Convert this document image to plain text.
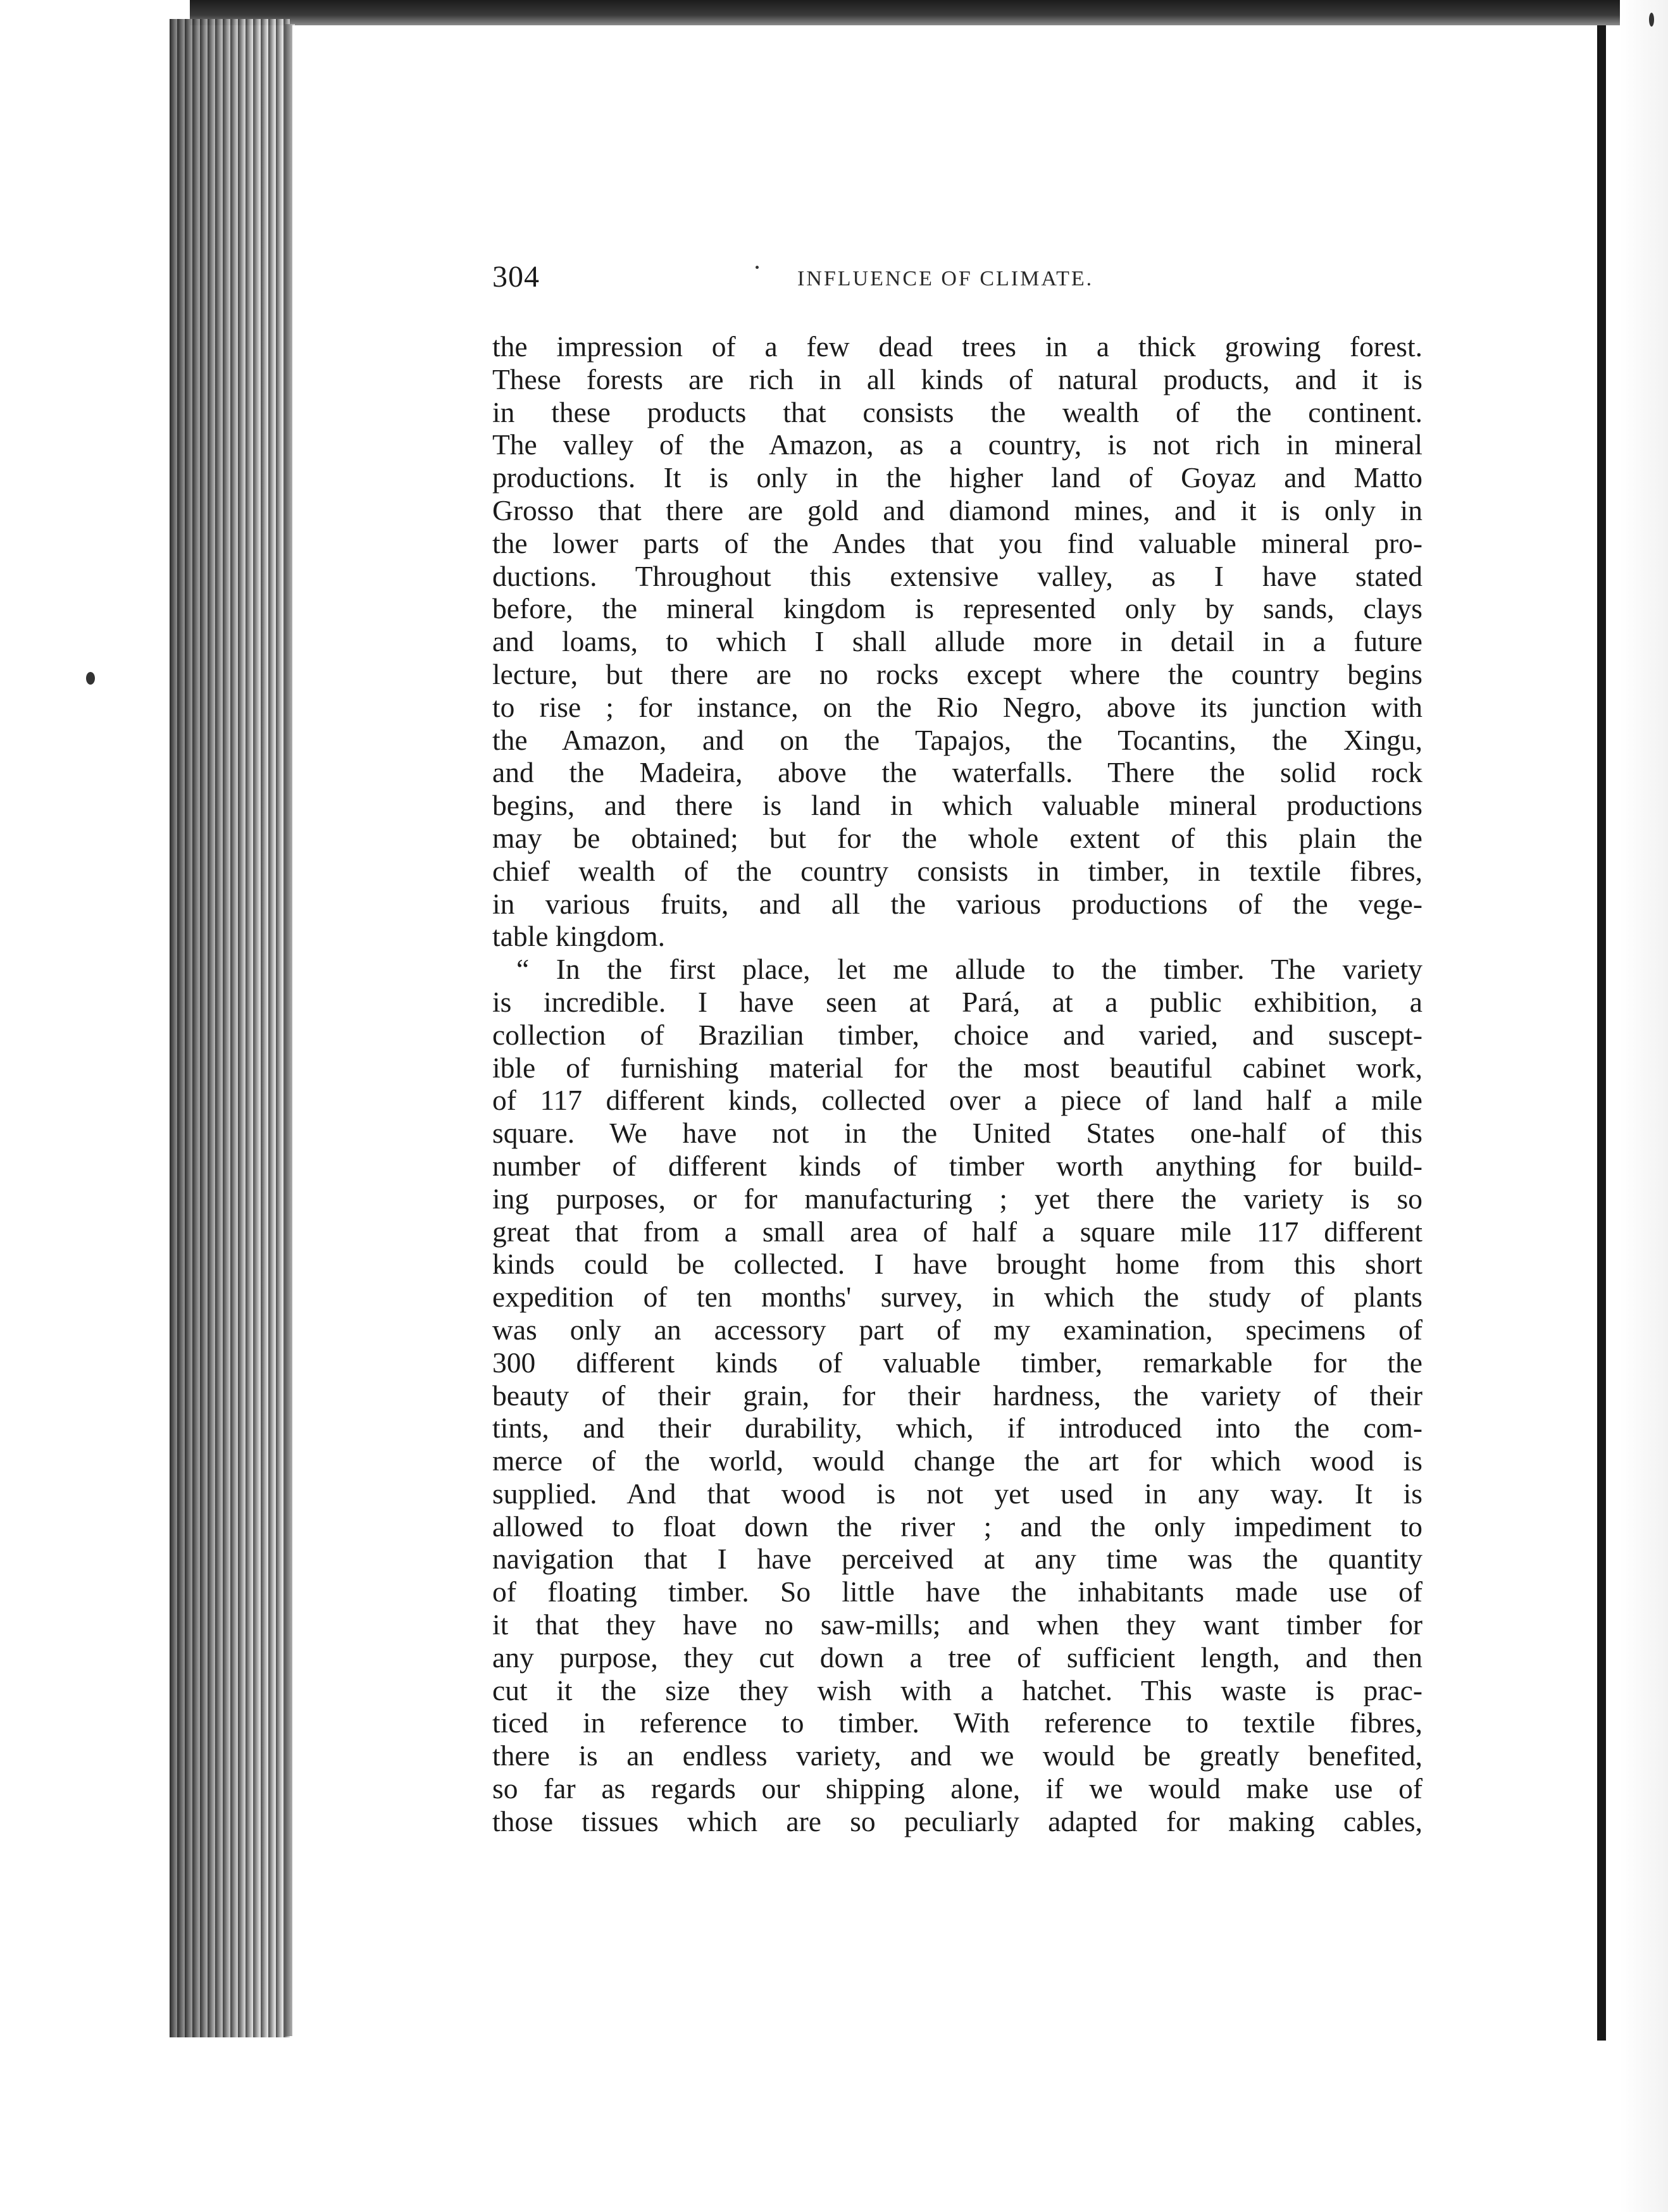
304	INFLUENCE OF CLIMATE.
the impression of a few dead trees in a thick growing forest.
These forests are rich in all kinds of natural products, and it is
in these products that consists the wealth of the continent.
The valley of the Amazon, as a country, is not rich in mineral
productions. It is only in the higher land of Goyaz and Matto
Grosso that there are gold and diamond mines, and it is only in
the lower parts of the Andes that you find valuable mineral pro-
ductions. Throughout this extensive valley, as I have stated
before, the mineral kingdom is represented only by sands, clays
and loams, to which I shall allude more in detail in a future
lecture, but there are no rocks except where the country begins
to rise ; for instance, on the Rio Negro, above its junction with
the Amazon, and on the Tapajos, the Tocantins, the Xingu,
and the Madeira, above the waterfalls. There the solid rock
begins, and there is land in which valuable mineral productions
may be obtained; but for the whole extent of this plain the
chief wealth of the country consists in timber, in textile fibres,
in various fruits, and all the various productions of the vege-
table kingdom.
“ In the first place, let me allude to the timber. The variety
is incredible. I have seen at Pará, at a public exhibition, a
collection of Brazilian timber, choice and varied, and suscept-
ible of furnishing material for the most beautiful cabinet work,
of 117 different kinds, collected over a piece of land half a mile
square. We have not in the United States one-half of this
number of different kinds of timber worth anything for build-
ing purposes, or for manufacturing ; yet there the variety is so
great that from a small area of half a square mile 117 different
kinds could be collected. I have brought home from this short
expedition of ten months' survey, in which the study of plants
was only an accessory part of my examination, specimens of
300 different kinds of valuable timber, remarkable for the
beauty of their grain, for their hardness, the variety of their
tints, and their durability, which, if introduced into the com-
merce of the world, would change the art for which wood is
supplied. And that wood is not yet used in any way. It is
allowed to float down the river ; and the only impediment to
navigation that I have perceived at any time was the quantity
of floating timber. So little have the inhabitants made use of
it that they have no saw-mills; and when they want timber for
any purpose, they cut down a tree of sufficient length, and then
cut it the size they wish with a hatchet. This waste is prac-
ticed in reference to timber. With reference to textile fibres,
there is an endless variety, and we would be greatly benefited,
so far as regards our shipping alone, if we would make use of
those tissues which are so peculiarly adapted for making cables,
